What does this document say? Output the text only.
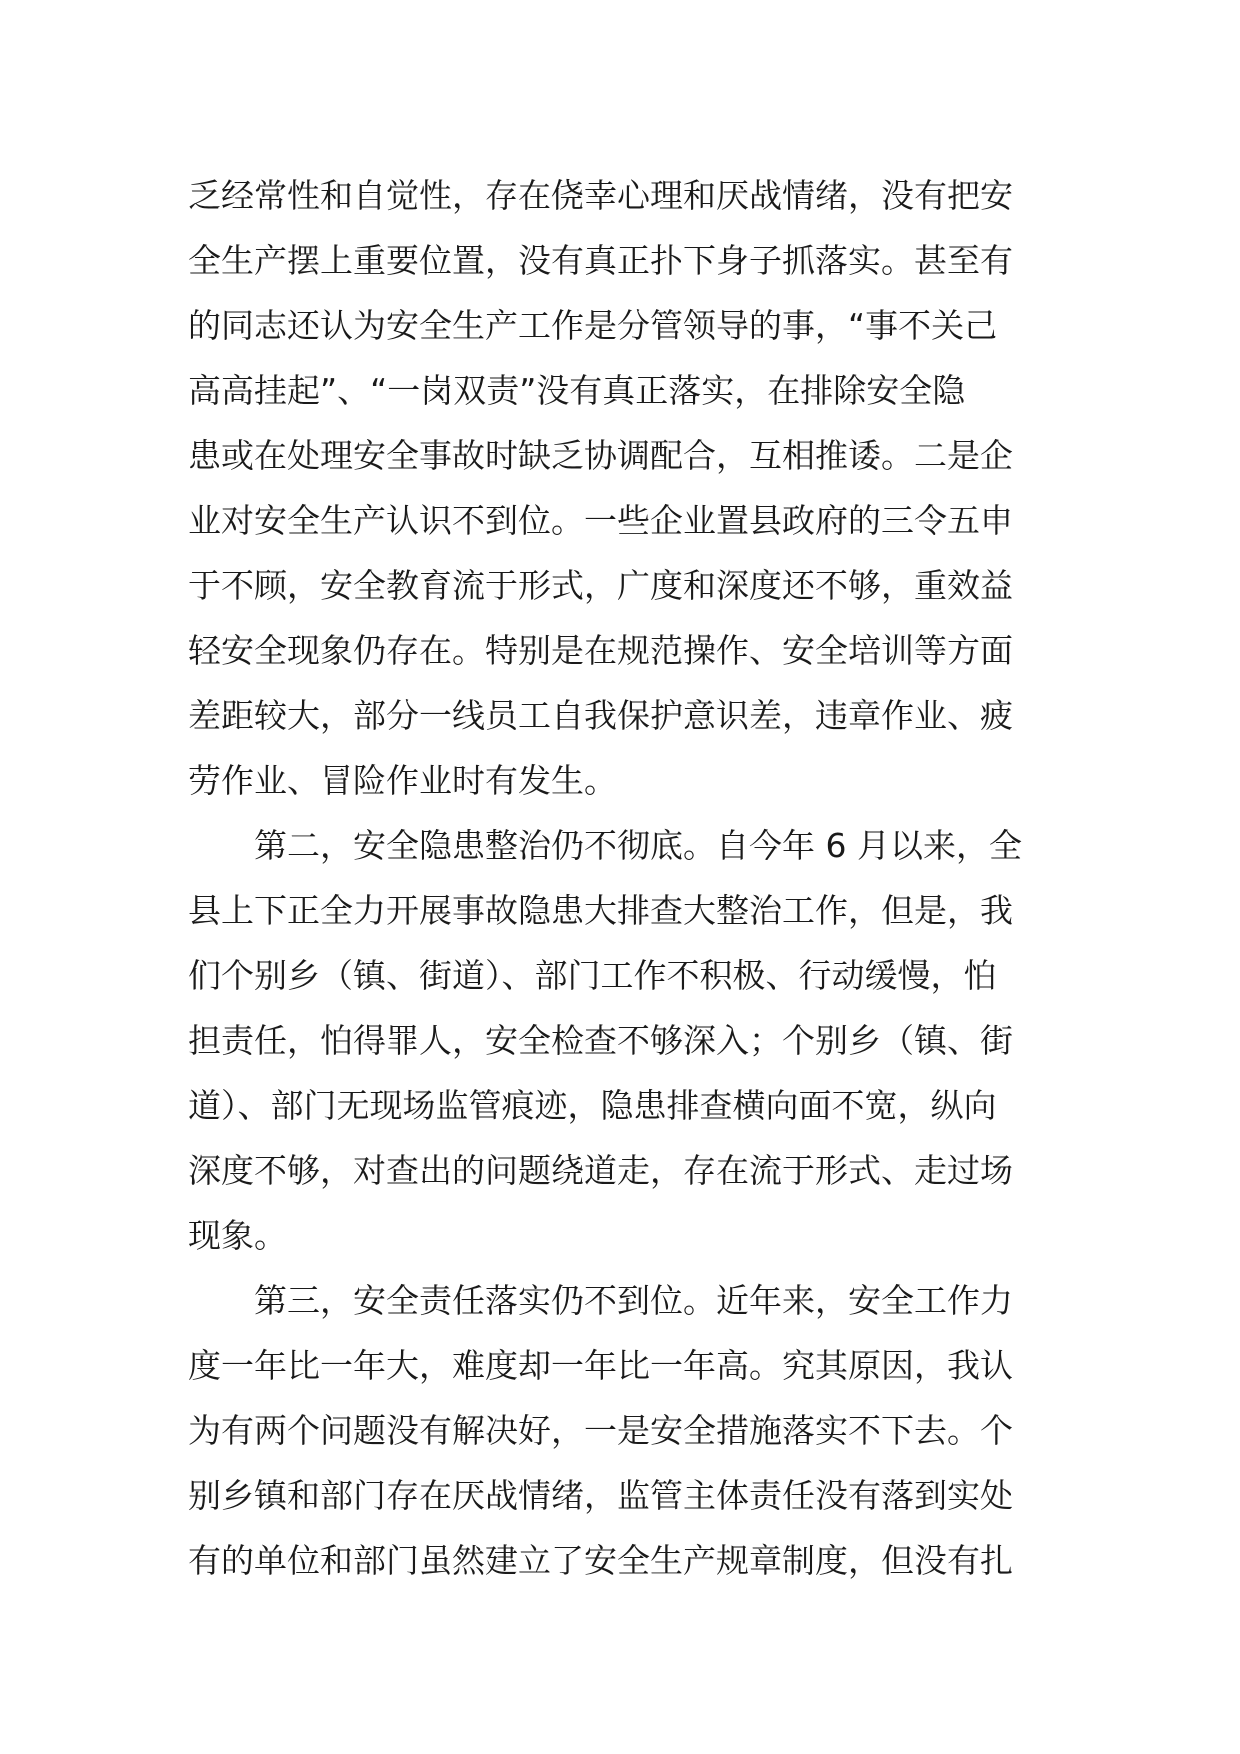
乏经常性和自觉性，存在侥幸心理和厌战情绪，没有把安
全生产摆上重要位置，没有真正扑下身子抓落实。甚至有
的同志还认为安全生产工作是分管领导的事，“事不关己
高高挂起”、“一岗双责”没有真正落实，在排除安全隐
患或在处理安全事故时缺乏协调配合，互相推诿。二是企
业对安全生产认识不到位。一些企业置县政府的三令五申
于不顾，安全教育流于形式，广度和深度还不够，重效益
轻安全现象仍存在。特别是在规范操作、安全培训等方面
差距较大，部分一线员工自我保护意识差，违章作业、疲
劳作业、冒险作业时有发生。
第二，安全隐患整治仍不彻底。自今年 6 月以来，全
县上下正全力开展事故隐患大排查大整治工作，但是，我
们个别乡（镇、街道）、部门工作不积极、行动缓慢，怕
担责任，怕得罪人，安全检查不够深入；个别乡（镇、街
道）、部门无现场监管痕迹，隐患排查横向面不宽，纵向
深度不够，对查出的问题绕道走，存在流于形式、走过场
现象。
第三，安全责任落实仍不到位。近年来，安全工作力
度一年比一年大，难度却一年比一年高。究其原因，我认
为有两个问题没有解决好，一是安全措施落实不下去。个
别乡镇和部门存在厌战情绪，监管主体责任没有落到实处
有的单位和部门虽然建立了安全生产规章制度，但没有扎
